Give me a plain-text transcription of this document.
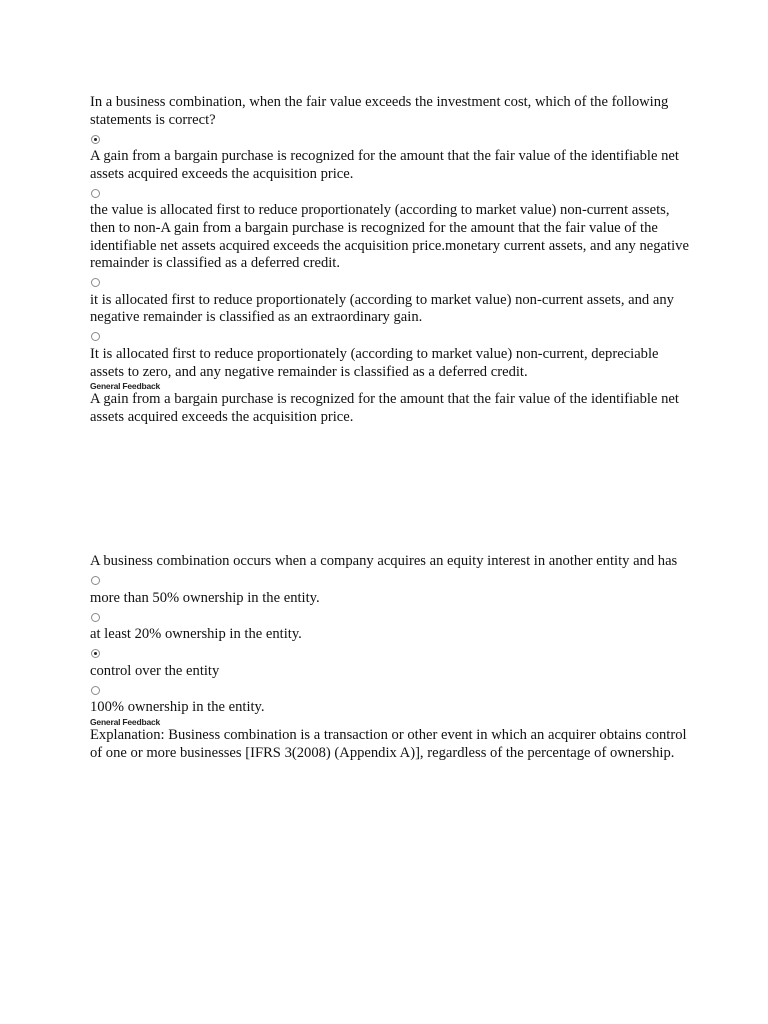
In a business combination, when the fair value exceeds the investment cost, which of the following statements is correct?

A gain from a bargain purchase is recognized for the amount that the fair value of the identifiable net assets acquired exceeds the acquisition price.

the value is allocated first to reduce proportionately (according to market value) non-current assets, then to non-A gain from a bargain purchase is recognized for the amount that the fair value of the identifiable net assets acquired exceeds the acquisition price.monetary current assets, and any negative remainder is classified as a deferred credit.

it is allocated first to reduce proportionately (according to market value) non-current assets, and any negative remainder is classified as an extraordinary gain.

It is allocated first to reduce proportionately (according to market value) non-current, depreciable assets to zero, and any negative remainder is classified as a deferred credit.

General Feedback

A gain from a bargain purchase is recognized for the amount that the fair value of the identifiable net assets acquired exceeds the acquisition price.

A business combination occurs when a company acquires an equity interest in another entity and has

more than 50% ownership in the entity.

at least 20% ownership in the entity.

control over the entity

100% ownership in the entity.

General Feedback

Explanation: Business combination is a transaction or other event in which an acquirer obtains control of one or more businesses [IFRS 3(2008) (Appendix A)], regardless of the percentage of ownership.
